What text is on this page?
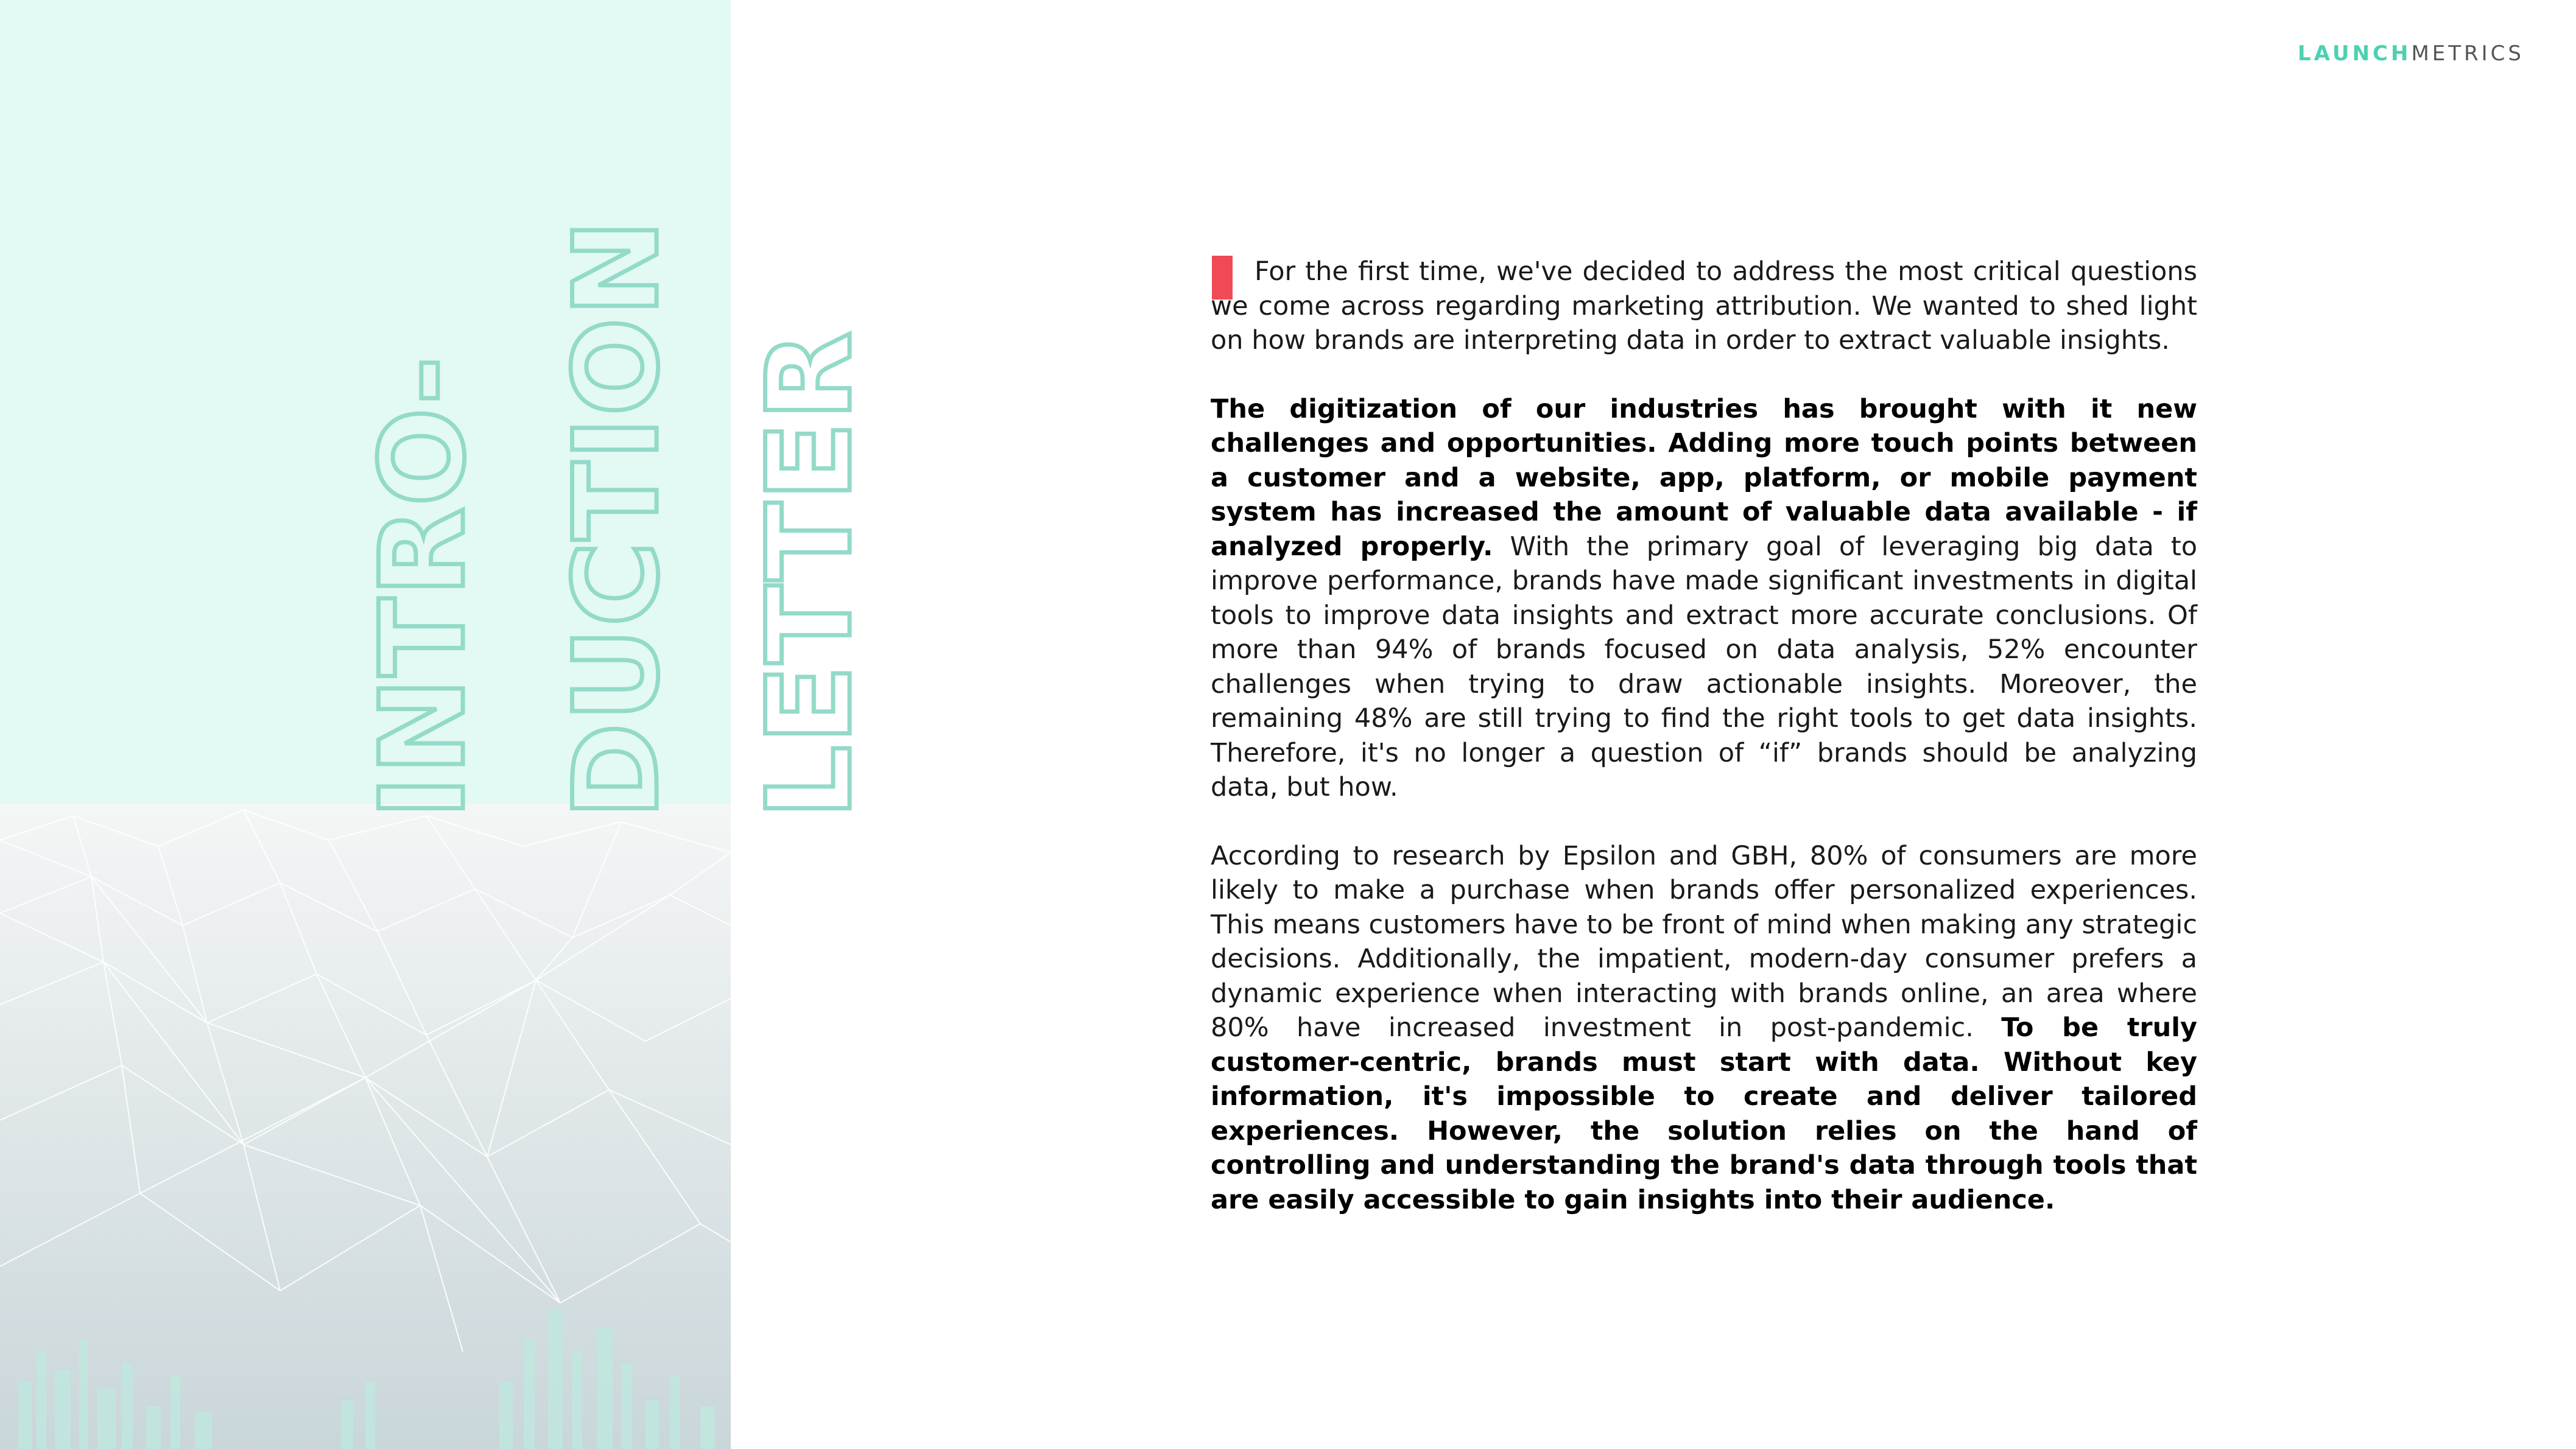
INTRO- DUCTION LETTER
LAUNCHMETRICS

For the first time, we've decided to address the most critical questions we come across regarding marketing attribution. We wanted to shed light on how brands are interpreting data in order to extract valuable insights.

The digitization of our industries has brought with it new challenges and opportunities. Adding more touch points between a customer and a website, app, platform, or mobile payment system has increased the amount of valuable data available - if analyzed properly. With the primary goal of leveraging big data to improve performance, brands have made significant investments in digital tools to improve data insights and extract more accurate conclusions. Of more than 94% of brands focused on data analysis, 52% encounter challenges when trying to draw actionable insights. Moreover, the remaining 48% are still trying to find the right tools to get data insights. Therefore, it's no longer a question of “if” brands should be analyzing data, but how.

According to research by Epsilon and GBH, 80% of consumers are more likely to make a purchase when brands offer personalized experiences. This means customers have to be front of mind when making any strategic decisions. Additionally, the impatient, modern-day consumer prefers a dynamic experience when interacting with brands online, an area where 80% have increased investment in post-pandemic. To be truly customer-centric, brands must start with data. Without key information, it's impossible to create and deliver tailored experiences. However, the solution relies on the hand of controlling and understanding the brand's data through tools that are easily accessible to gain insights into their audience.
